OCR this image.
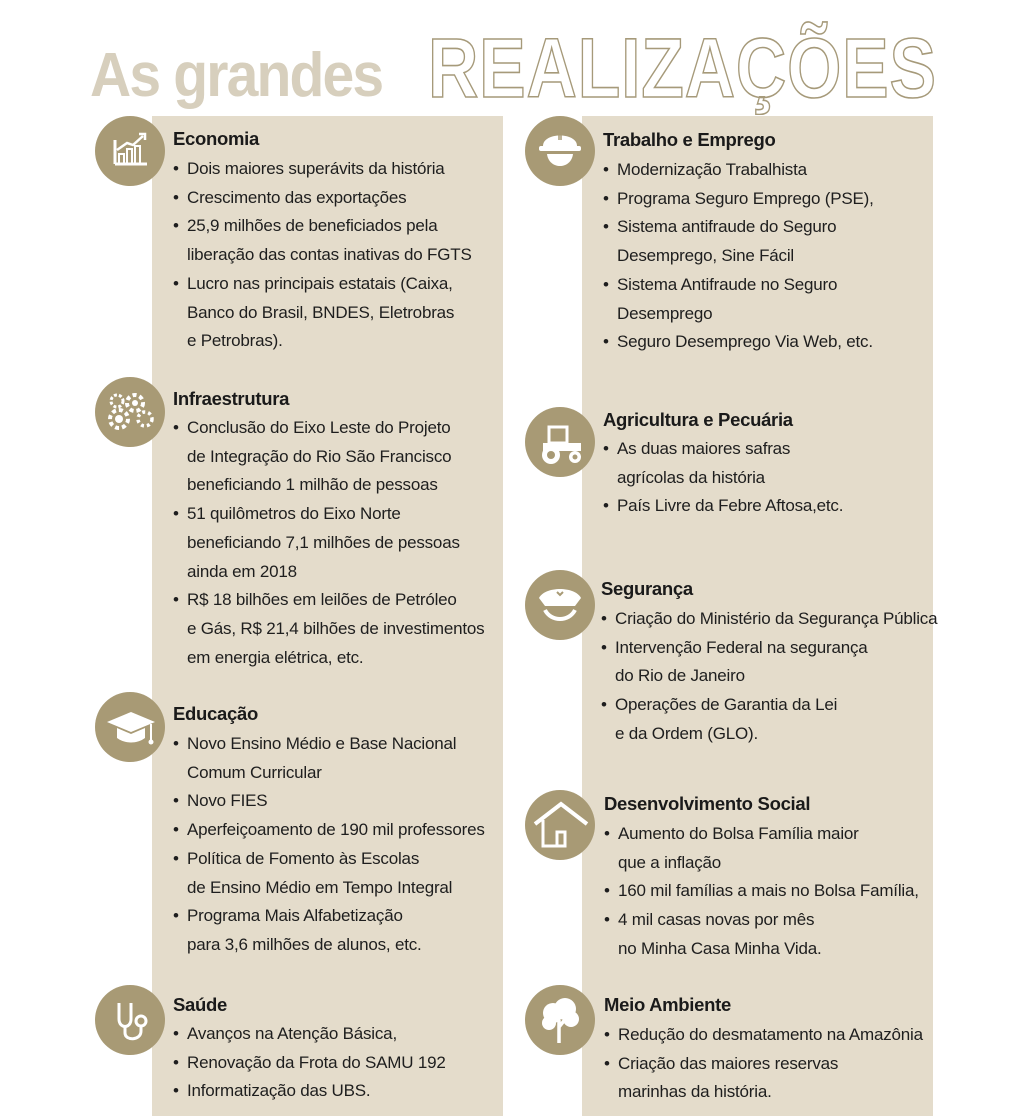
As grandes REALIZAÇÕES
Economia
• Dois maiores superávits da história
• Crescimento das exportações
• 25,9 milhões de beneficiados pela
liberação das contas inativas do FGTS
• Lucro nas principais estatais (Caixa,
Banco do Brasil, BNDES, Eletrobras
e Petrobras).
Infraestrutura
• Conclusão do Eixo Leste do Projeto
de Integração do Rio São Francisco
beneficiando 1 milhão de pessoas
• 51 quilômetros do Eixo Norte
beneficiando 7,1 milhões de pessoas
ainda em 2018
• R$ 18 bilhões em leilões de Petróleo
e Gás, R$ 21,4 bilhões de investimentos
em energia elétrica, etc.
Educação
• Novo Ensino Médio e Base Nacional
Comum Curricular
• Novo FIES
• Aperfeiçoamento de 190 mil professores
• Política de Fomento às Escolas
de Ensino Médio em Tempo Integral
• Programa Mais Alfabetização
para 3,6 milhões de alunos, etc.
Saúde
• Avanços na Atenção Básica,
• Renovação da Frota do SAMU 192
• Informatização das UBS.
Trabalho e Emprego
• Modernização Trabalhista
• Programa Seguro Emprego (PSE),
• Sistema antifraude do Seguro
Desemprego, Sine Fácil
• Sistema Antifraude no Seguro
Desemprego
• Seguro Desemprego Via Web, etc.
Agricultura e Pecuária
• As duas maiores safras
agrícolas da história
• País Livre da Febre Aftosa,etc.
Segurança
• Criação do Ministério da Segurança Pública
• Intervenção Federal na segurança
do Rio de Janeiro
• Operações de Garantia da Lei
e da Ordem (GLO).
Desenvolvimento Social
• Aumento do Bolsa Família maior
que a inflação
• 160 mil famílias a mais no Bolsa Família,
• 4 mil casas novas por mês
no Minha Casa Minha Vida.
Meio Ambiente
• Redução do desmatamento na Amazônia
• Criação das maiores reservas
marinhas da história.
